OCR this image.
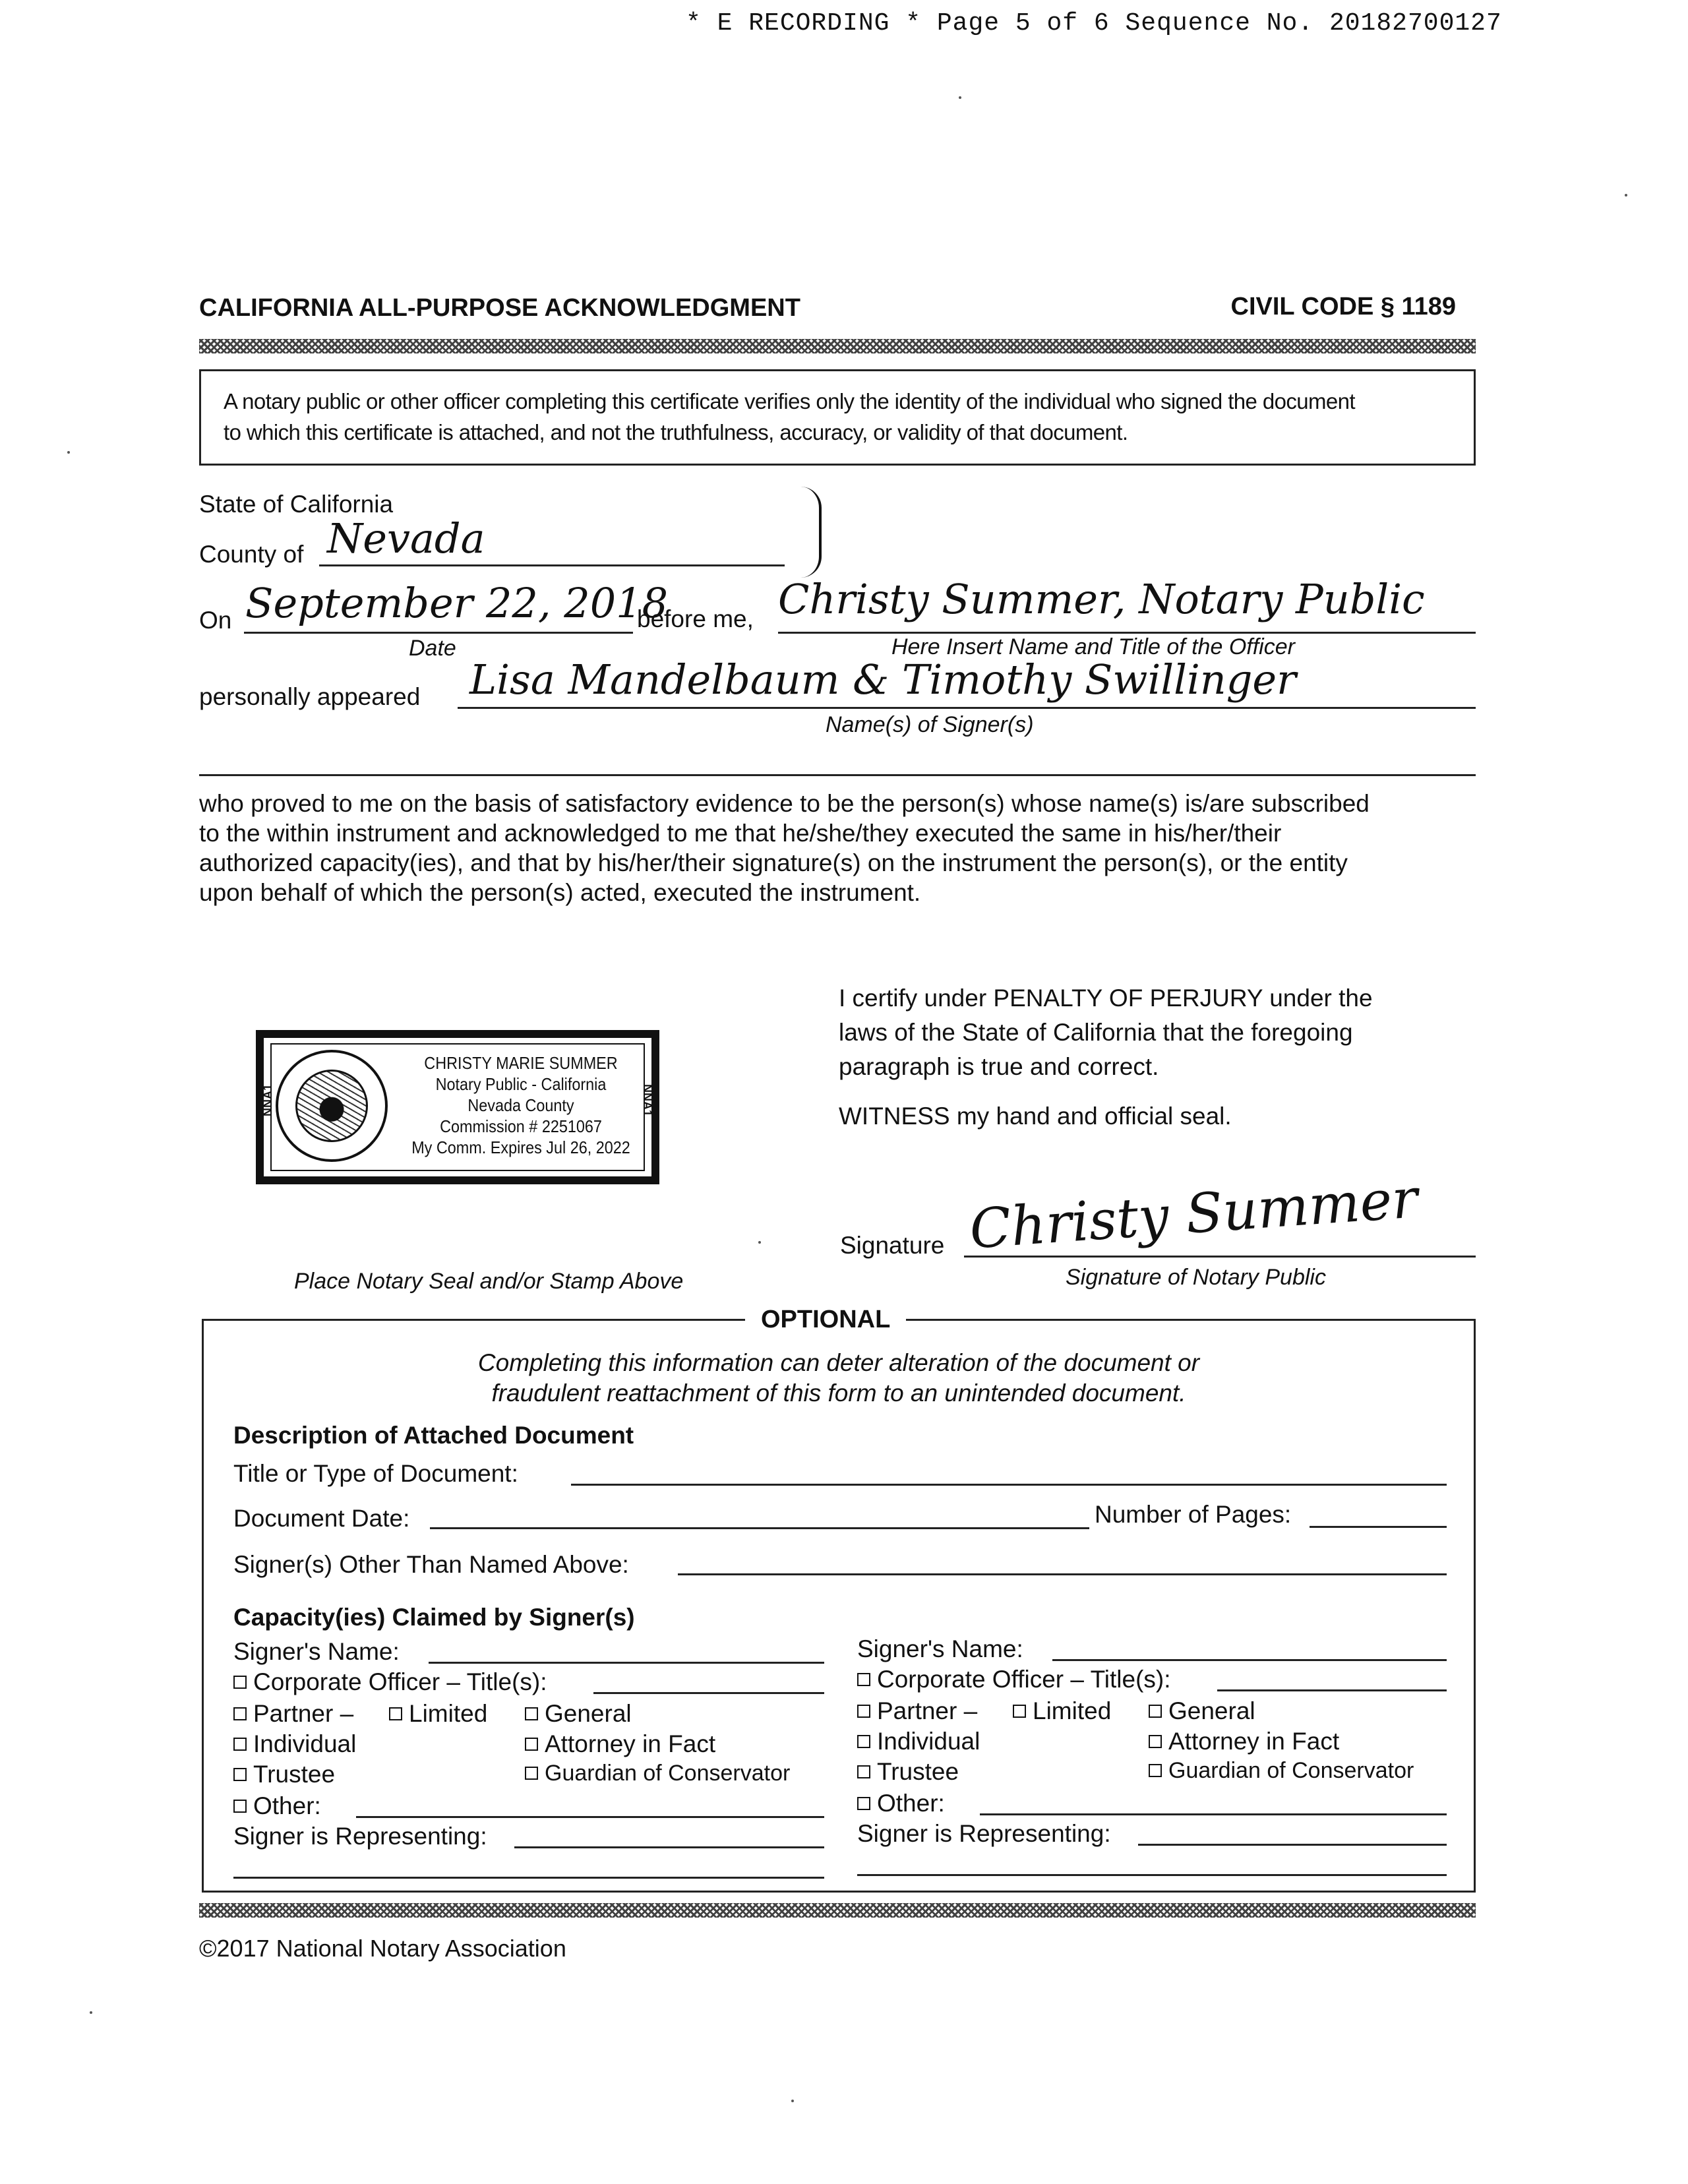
* E RECORDING * Page 5 of 6 Sequence No. 20182700127
CALIFORNIA ALL-PURPOSE ACKNOWLEDGMENT	CIVIL CODE § 1189
A notary public or other officer completing this certificate verifies only the identity of the individual who signed the document
to which this certificate is attached, and not the truthfulness, accuracy, or validity of that document.
State of California
County of Nevada
On September 22, 2018
before me, Christy Summer, Notary Public
Date	Here Insert Name and Title of the Officer
personally appeared Lisa Mandelbaum & Timothy Swillinger
Name(s) of Signer(s)
who proved to me on the basis of satisfactory evidence to be the person(s) whose name(s) is/are subscribed
to the within instrument and acknowledged to me that he/she/they executed the same in his/her/their
authorized capacity(ies), and that by his/her/their signature(s) on the instrument the person(s), or the entity
upon behalf of which the person(s) acted, executed the instrument.
I certify under PENALTY OF PERJURY under the
laws of the State of California that the foregoing
paragraph is true and correct.
WITNESS my hand and official seal.
CHRISTY MARIE SUMMER
Notary Public - California
Nevada County
Commission # 2251067
My Comm. Expires Jul 26, 2022
NNA1	NNA1
Place Notary Seal and/or Stamp Above
Signature Christy Summer
Signature of Notary Public
OPTIONAL
Completing this information can deter alteration of the document or
fraudulent reattachment of this form to an unintended document.
Description of Attached Document
Title or Type of Document:
Document Date:	Number of Pages:
Signer(s) Other Than Named Above:
Capacity(ies) Claimed by Signer(s)
Signer's Name:
Corporate Officer – Title(s):
Partner –	Limited	General
Individual	Attorney in Fact
Trustee	Guardian of Conservator
Other:
Signer is Representing:
Signer's Name:
Corporate Officer – Title(s):
Partner –	Limited	General
Individual	Attorney in Fact
Trustee	Guardian of Conservator
Other:
Signer is Representing:
©2017 National Notary Association
